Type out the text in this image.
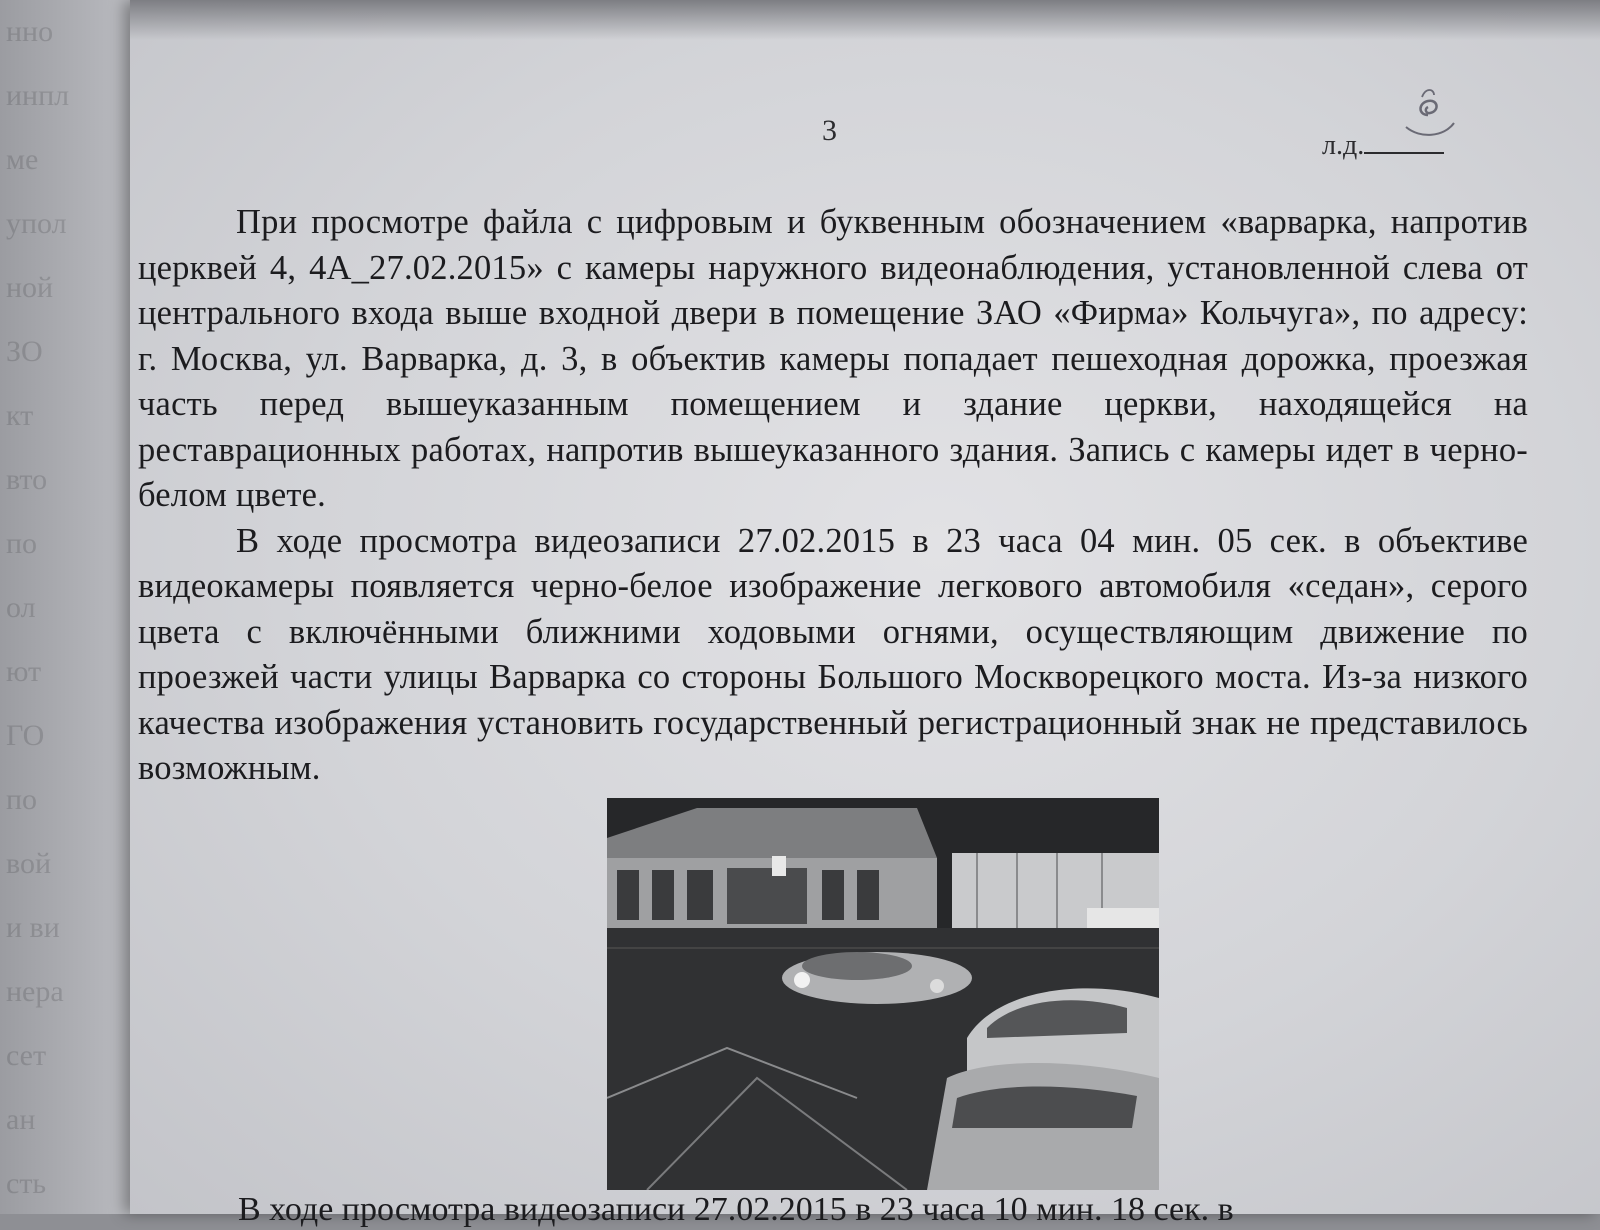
нно
инпл
ме
упол
ной
ЗО
кт
вто
по
ол
ют
ГО
по
вой
и ви
нера
сет
ан
сть
3	л.д.

При просмотре файла с цифровым и буквенным обозначением «варварка, напротив церквей 4, 4А_27.02.2015» с камеры наружного видеонаблюдения, установленной слева от центрального входа выше входной двери в помещение ЗАО «Фирма» Кольчуга», по адресу: г. Москва, ул. Варварка, д. 3, в объектив камеры попадает пешеходная дорожка, проезжая часть перед вышеуказанным помещением и здание церкви, находящейся на реставрационных работах, напротив вышеуказанного здания. Запись с камеры идет в черно-белом цвете.

В ходе просмотра видеозаписи 27.02.2015 в 23 часа 04 мин. 05 сек. в объективе видеокамеры появляется черно-белое изображение легкового автомобиля «седан», серого цвета с включёнными ближними ходовыми огнями, осуществляющим движение по проезжей части улицы Варварка со стороны Большого Москворецкого моста. Из-за низкого качества изображения установить государственный регистрационный знак не представилось возможным.

В ходе просмотра видеозаписи 27.02.2015 в 23 часа 10 мин. 18 сек. в
